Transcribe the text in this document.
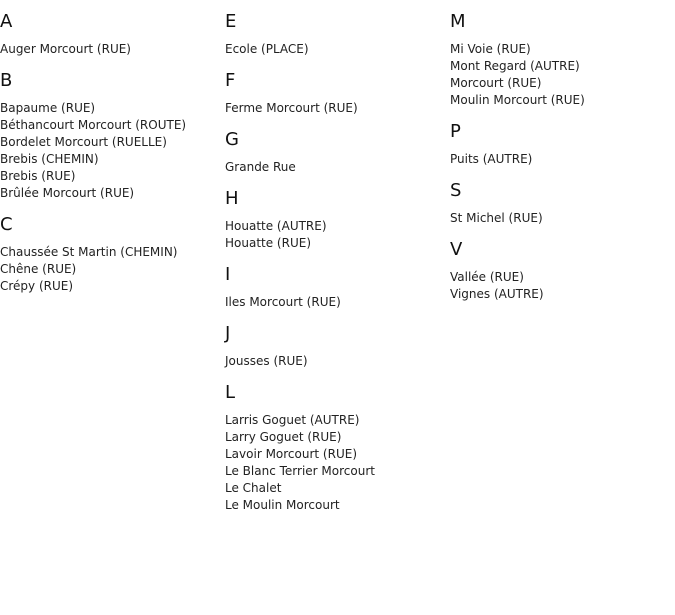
A
Auger Morcourt (RUE)
B
Bapaume (RUE)
Béthancourt Morcourt (ROUTE)
Bordelet Morcourt (RUELLE)
Brebis (CHEMIN)
Brebis (RUE)
Brûlée Morcourt (RUE)
C
Chaussée St Martin (CHEMIN)
Chêne (RUE)
Crépy (RUE)
E
Ecole (PLACE)
F
Ferme Morcourt (RUE)
G
Grande Rue
H
Houatte (AUTRE)
Houatte (RUE)
I
Iles Morcourt (RUE)
J
Jousses (RUE)
L
Larris Goguet (AUTRE)
Larry Goguet (RUE)
Lavoir Morcourt (RUE)
Le Blanc Terrier Morcourt
Le Chalet
Le Moulin Morcourt
M
Mi Voie (RUE)
Mont Regard (AUTRE)
Morcourt (RUE)
Moulin Morcourt (RUE)
P
Puits (AUTRE)
S
St Michel (RUE)
V
Vallée (RUE)
Vignes (AUTRE)
